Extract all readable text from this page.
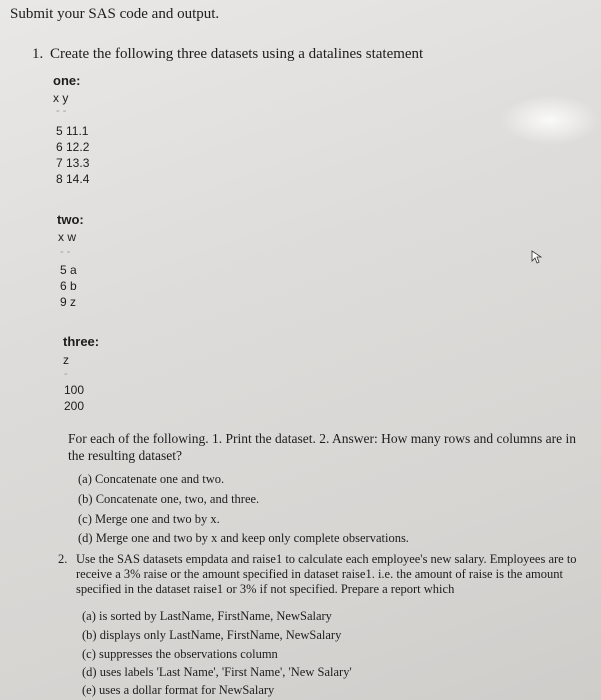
Submit your SAS code and output.
1. Create the following three datasets using a datalines statement
one:
x y
- -
5 11.1
6 12.2
7 13.3
8 14.4
two:
x w
- -
5 a
6 b
9 z
three:
z
-
100
200
For each of the following. 1. Print the dataset. 2. Answer: How many rows and columns are in the resulting dataset?
(a) Concatenate one and two.
(b) Concatenate one, two, and three.
(c) Merge one and two by x.
(d) Merge one and two by x and keep only complete observations.
2. Use the SAS datasets empdata and raise1 to calculate each employee's new salary. Employees are to receive a 3% raise or the amount specified in dataset raise1. i.e. the amount of raise is the amount specified in the dataset raise1 or 3% if not specified. Prepare a report which
(a) is sorted by LastName, FirstName, NewSalary
(b) displays only LastName, FirstName, NewSalary
(c) suppresses the observations column
(d) uses labels 'Last Name', 'First Name', 'New Salary'
(e) uses a dollar format for NewSalary
